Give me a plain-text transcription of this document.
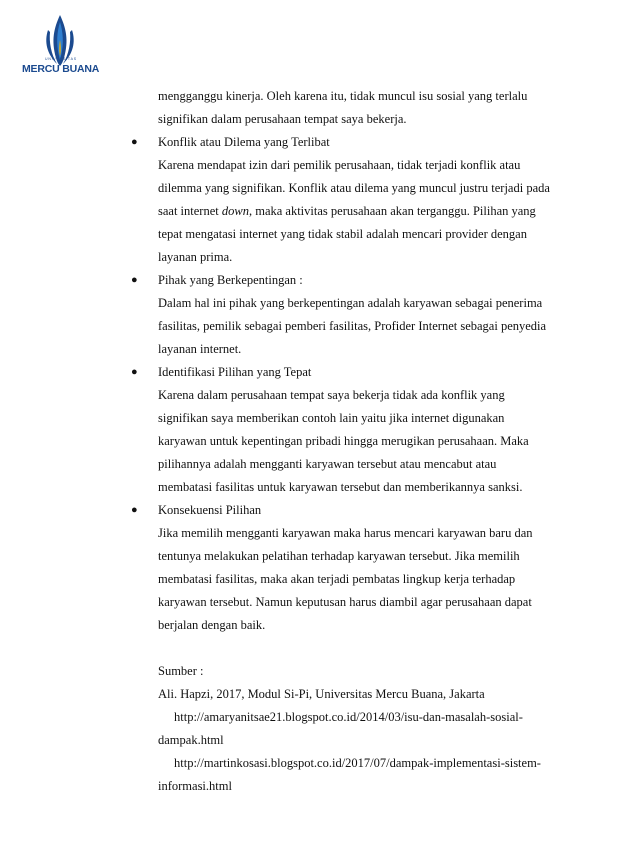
UNIVERSITAS
MERCU BUANA
mengganggu kinerja. Oleh karena itu, tidak muncul isu sosial yang terlalu
signifikan dalam perusahaan tempat saya bekerja.
● Konflik atau Dilema yang Terlibat
Karena mendapat izin dari pemilik perusahaan, tidak terjadi konflik atau
dilemma yang signifikan. Konflik atau dilema yang muncul justru terjadi pada
saat internet down, maka aktivitas perusahaan akan terganggu. Pilihan yang
tepat mengatasi internet yang tidak stabil adalah mencari provider dengan
layanan prima.
● Pihak yang Berkepentingan :
Dalam hal ini pihak yang berkepentingan adalah karyawan sebagai penerima
fasilitas, pemilik sebagai pemberi fasilitas, Profider Internet sebagai penyedia
layanan internet.
● Identifikasi Pilihan yang Tepat
Karena dalam perusahaan tempat saya bekerja tidak ada konflik yang
signifikan saya memberikan contoh lain yaitu jika internet digunakan
karyawan untuk kepentingan pribadi hingga merugikan perusahaan. Maka
pilihannya adalah mengganti karyawan tersebut atau mencabut atau
membatasi fasilitas untuk karyawan tersebut dan memberikannya sanksi.
● Konsekuensi Pilihan
Jika memilih mengganti karyawan maka harus mencari karyawan baru dan
tentunya melakukan pelatihan terhadap karyawan tersebut. Jika memilih
membatasi fasilitas, maka akan terjadi pembatas lingkup kerja terhadap
karyawan tersebut. Namun keputusan harus diambil agar perusahaan dapat
berjalan dengan baik.
Sumber :
Ali. Hapzi, 2017, Modul Si-Pi, Universitas Mercu Buana, Jakarta
http://amaryanitsae21.blogspot.co.id/2014/03/isu-dan-masalah-sosial-
dampak.html
http://martinkosasi.blogspot.co.id/2017/07/dampak-implementasi-sistem-
informasi.html
